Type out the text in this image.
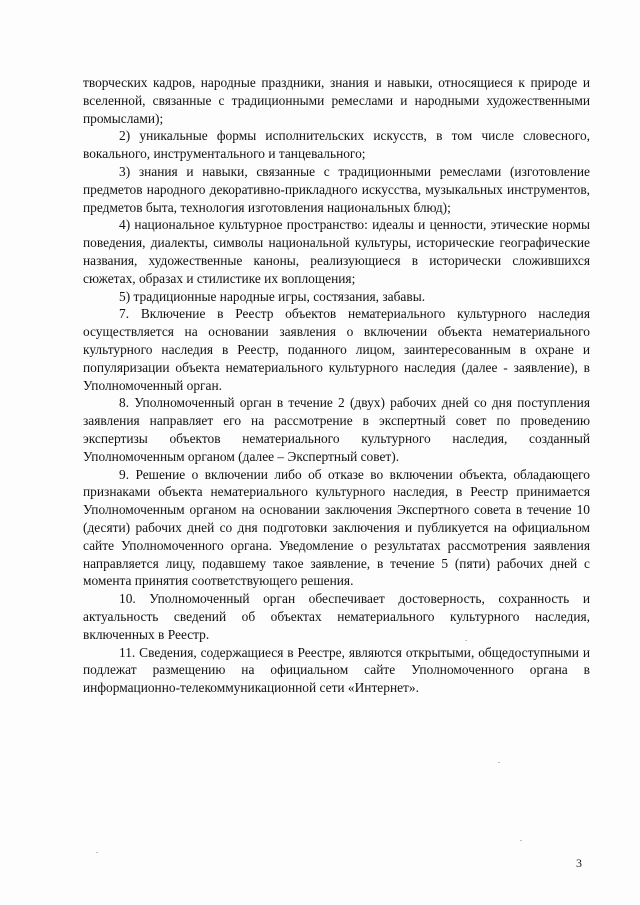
творческих кадров, народные праздники, знания и навыки, относящиеся к природе и вселенной, связанные с традиционными ремеслами и народными художественными промыслами);

2) уникальные формы исполнительских искусств, в том числе словесного, вокального, инструментального и танцевального;

3) знания и навыки, связанные с традиционными ремеслами (изготовление предметов народного декоративно-прикладного искусства, музыкальных инструментов, предметов быта, технология изготовления национальных блюд);

4) национальное культурное пространство: идеалы и ценности, этические нормы поведения, диалекты, символы национальной культуры, исторические географические названия, художественные каноны, реализующиеся в исторически сложившихся сюжетах, образах и стилистике их воплощения;

5) традиционные народные игры, состязания, забавы.

7. Включение в Реестр объектов нематериального культурного наследия осуществляется на основании заявления о включении объекта нематериального культурного наследия в Реестр, поданного лицом, заинтересованным в охране и популяризации объекта нематериального культурного наследия (далее - заявление), в Уполномоченный орган.

8. Уполномоченный орган в течение 2 (двух) рабочих дней со дня поступления заявления направляет его на рассмотрение в экспертный совет по проведению экспертизы объектов нематериального культурного наследия, созданный Уполномоченным органом (далее – Экспертный совет).

9. Решение о включении либо об отказе во включении объекта, обладающего признаками объекта нематериального культурного наследия, в Реестр принимается Уполномоченным органом на основании заключения Экспертного совета в течение 10 (десяти) рабочих дней со дня подготовки заключения и публикуется на официальном сайте Уполномоченного органа. Уведомление о результатах рассмотрения заявления направляется лицу, подавшему такое заявление, в течение 5 (пяти) рабочих дней с момента принятия соответствующего решения.

10. Уполномоченный орган обеспечивает достоверность, сохранность и актуальность сведений об объектах нематериального культурного наследия, включенных в Реестр.

11. Сведения, содержащиеся в Реестре, являются открытыми, общедоступными и подлежат размещению на официальном сайте Уполномоченного органа в информационно-телекоммуникационной сети «Интернет».

3
